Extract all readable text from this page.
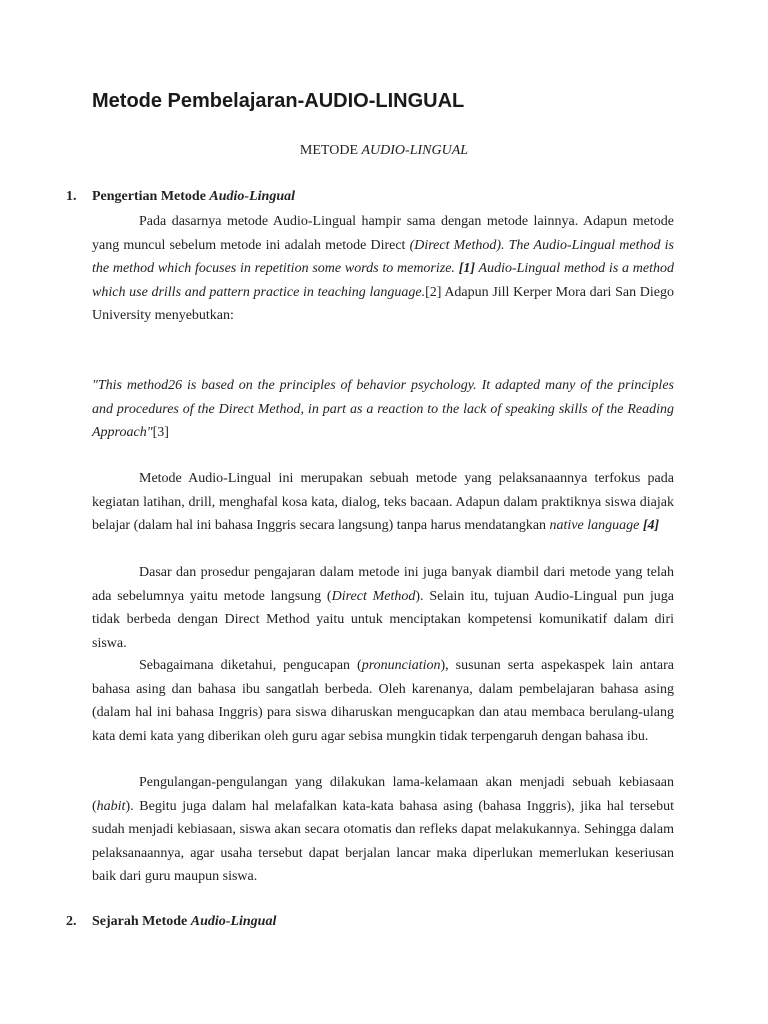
Metode Pembelajaran-AUDIO-LINGUAL
METODE AUDIO-LINGUAL
1. Pengertian Metode Audio-Lingual

Pada dasarnya metode Audio-Lingual hampir sama dengan metode lainnya. Adapun metode yang muncul sebelum metode ini adalah metode Direct (Direct Method). The Audio-Lingual method is the method which focuses in repetition some words to memorize. [1] Audio-Lingual method is a method which use drills and pattern practice in teaching language.[2] Adapun Jill Kerper Mora dari San Diego University menyebutkan:

"This method26 is based on the principles of behavior psychology. It adapted many of the principles and procedures of the Direct Method, in part as a reaction to the lack of speaking skills of the Reading Approach"[3]

Metode Audio-Lingual ini merupakan sebuah metode yang pelaksanaannya terfokus pada kegiatan latihan, drill, menghafal kosa kata, dialog, teks bacaan. Adapun dalam praktiknya siswa diajak belajar (dalam hal ini bahasa Inggris secara langsung) tanpa harus mendatangkan native language [4]

Dasar dan prosedur pengajaran dalam metode ini juga banyak diambil dari metode yang telah ada sebelumnya yaitu metode langsung (Direct Method). Selain itu, tujuan Audio-Lingual pun juga tidak berbeda dengan Direct Method yaitu untuk menciptakan kompetensi komunikatif dalam diri siswa.

Sebagaimana diketahui, pengucapan (pronunciation), susunan serta aspekaspek lain antara bahasa asing dan bahasa ibu sangatlah berbeda. Oleh karenanya, dalam pembelajaran bahasa asing (dalam hal ini bahasa Inggris) para siswa diharuskan mengucapkan dan atau membaca berulang-ulang kata demi kata yang diberikan oleh guru agar sebisa mungkin tidak terpengaruh dengan bahasa ibu.

Pengulangan-pengulangan yang dilakukan lama-kelamaan akan menjadi sebuah kebiasaan (habit). Begitu juga dalam hal melafalkan kata-kata bahasa asing (bahasa Inggris), jika hal tersebut sudah menjadi kebiasaan, siswa akan secara otomatis dan refleks dapat melakukannya. Sehingga dalam pelaksanaannya, agar usaha tersebut dapat berjalan lancar maka diperlukan memerlukan keseriusan baik dari guru maupun siswa.

2. Sejarah Metode Audio-Lingual
